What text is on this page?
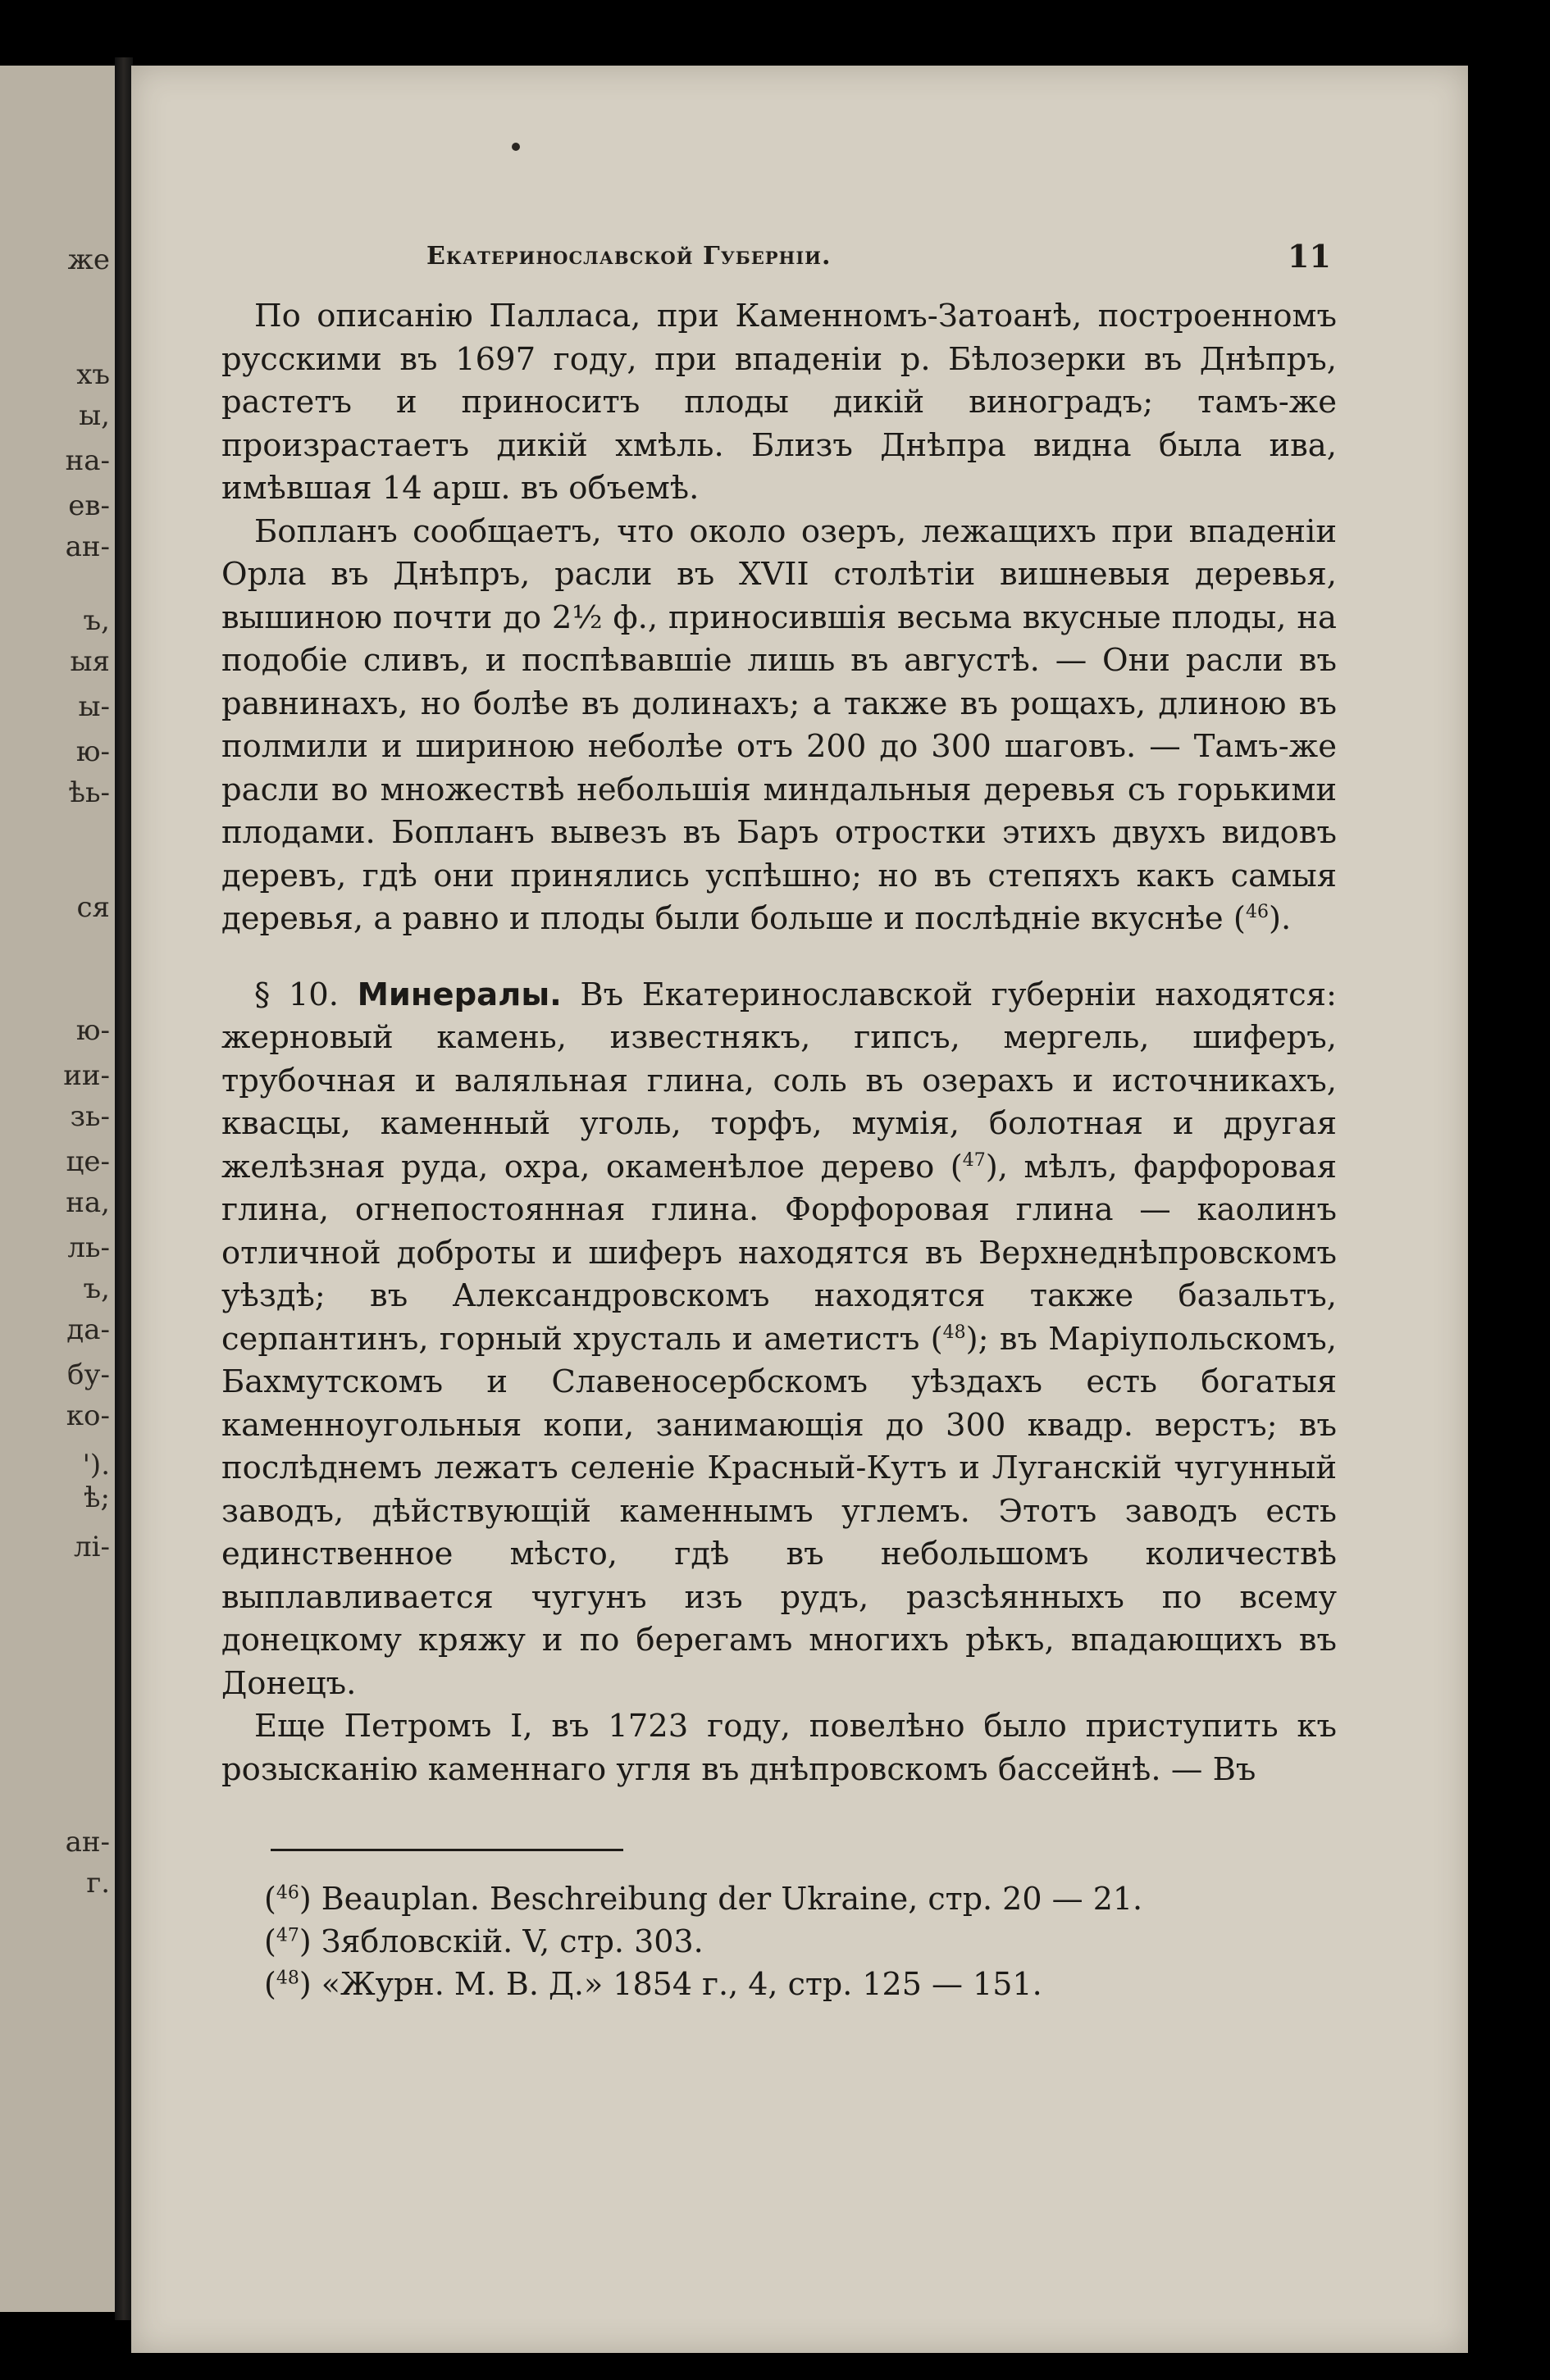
же
хъ
ы,
на-
ев-
ан-
ъ,
ыя
ы-
ю-
ѣь-
ся
ю-
ии-
зь-
це-
на,
ль-
ъ,
да-
бу-
ко-
').
ѣ;
лi-
ан-
г.
Екатеринославской Губернiи.	11

По описанiю Палласа, при Каменномъ-Затоанѣ, построенномъ русскими въ 1697 году, при впаденiи р. Бѣлозерки въ Днѣпръ, растетъ и приноситъ плоды дикiй виноградъ; тамъ-же произрастаетъ дикiй хмѣль. Близъ Днѣпра видна была ива, имѣвшая 14 арш. въ объемѣ.

Бопланъ сообщаетъ, что около озеръ, лежащихъ при впаденiи Орла въ Днѣпръ, расли въ XVII столѣтiи вишневыя деревья, вышиною почти до 2½ ф., приносившiя весьма вкусные плоды, на подобiе сливъ, и поспѣвавшiе лишь въ августѣ. — Они расли въ равнинахъ, но болѣе въ долинахъ; а также въ рощахъ, длиною въ полмили и шириною неболѣе отъ 200 до 300 шаговъ. — Тамъ-же расли во множествѣ небольшiя миндальныя деревья съ горькими плодами. Бопланъ вывезъ въ Баръ отростки этихъ двухъ видовъ деревъ, гдѣ они принялись успѣшно; но въ степяхъ какъ самыя деревья, а равно и плоды были больше и послѣднiе вкуснѣе ($^{46}$).

§ 10. Минералы. Въ Екатеринославской губернiи находятся: жерновый камень, известнякъ, гипсъ, мергель, шиферъ, трубочная и валяльная глина, соль въ озерахъ и источникахъ, квасцы, каменный уголь, торфъ, мумiя, болотная и другая желѣзная руда, охра, окаменѣлое дерево ($^{47}$), мѣлъ, фарфоровая глина, огнепостоянная глина. Форфоровая глина — каолинъ отличной доброты и шиферъ находятся въ Верхнеднѣпровскомъ уѣздѣ; въ Александровскомъ находятся также базальтъ, серпантинъ, горный хрусталь и аметистъ ($^{48}$); въ Марiупольскомъ, Бахмутскомъ и Славеносербскомъ уѣздахъ есть богатыя каменноугольныя копи, занимающiя до 300 квадр. верстъ; въ послѣднемъ лежатъ селенiе Красный-Кутъ и Луганскiй чугунный заводъ, дѣйствующiй каменнымъ углемъ. Этотъ заводъ есть единственное мѣсто, гдѣ въ небольшомъ количествѣ выплавливается чугунъ изъ рудъ, разсѣянныхъ по всему донецкому кряжу и по берегамъ многихъ рѣкъ, впадающихъ въ Донецъ.

Еще Петромъ I, въ 1723 году, повелѣно было приступить къ розысканiю каменнаго угля въ днѣпровскомъ бассейнѣ. — Въ

($^{46}$) Beauplan. Beschreibung der Ukraine, стр. 20 — 21.
($^{47}$) Зябловскiй. V, стр. 303.
($^{48}$) «Журн. М. В. Д.» 1854 г., 4, стр. 125 — 151.
